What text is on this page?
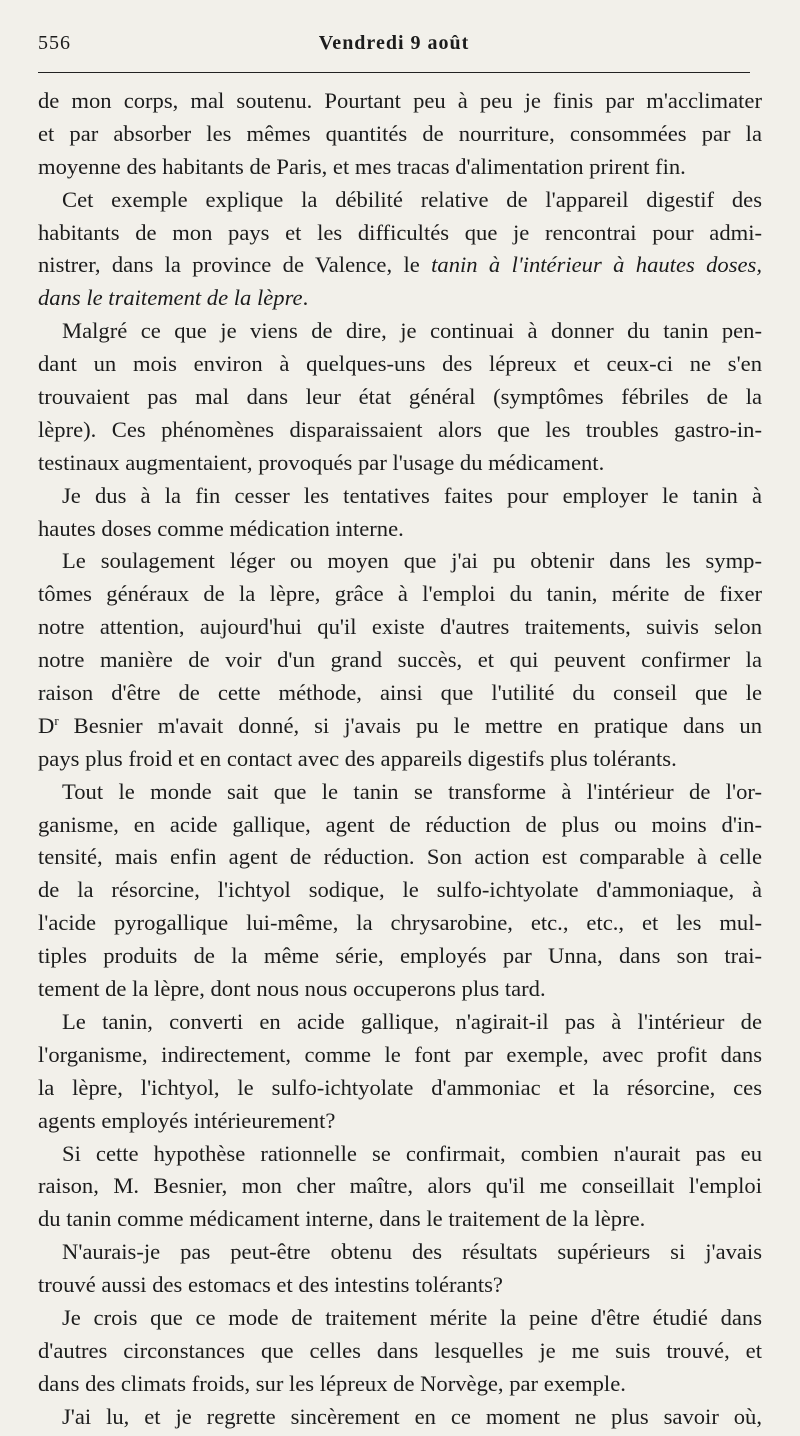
556	Vendredi 9 août
de mon corps, mal soutenu. Pourtant peu à peu je finis par m'acclimater
et par absorber les mêmes quantités de nourriture, consommées par la
moyenne des habitants de Paris, et mes tracas d'alimentation prirent fin.
Cet exemple explique la débilité relative de l'appareil digestif des
habitants de mon pays et les difficultés que je rencontrai pour admi-
nistrer, dans la province de Valence, le tanin à l'intérieur à hautes doses,
dans le traitement de la lèpre.
Malgré ce que je viens de dire, je continuai à donner du tanin pen-
dant un mois environ à quelques-uns des lépreux et ceux-ci ne s'en
trouvaient pas mal dans leur état général (symptômes fébriles de la
lèpre). Ces phénomènes disparaissaient alors que les troubles gastro-in-
testinaux augmentaient, provoqués par l'usage du médicament.
Je dus à la fin cesser les tentatives faites pour employer le tanin à
hautes doses comme médication interne.
Le soulagement léger ou moyen que j'ai pu obtenir dans les symp-
tômes généraux de la lèpre, grâce à l'emploi du tanin, mérite de fixer
notre attention, aujourd'hui qu'il existe d'autres traitements, suivis selon
notre manière de voir d'un grand succès, et qui peuvent confirmer la
raison d'être de cette méthode, ainsi que l'utilité du conseil que le
$D^r$ Besnier m'avait donné, si j'avais pu le mettre en pratique dans un
pays plus froid et en contact avec des appareils digestifs plus tolérants.
Tout le monde sait que le tanin se transforme à l'intérieur de l'or-
ganisme, en acide gallique, agent de réduction de plus ou moins d'in-
tensité, mais enfin agent de réduction. Son action est comparable à celle
de la résorcine, l'ichtyol sodique, le sulfo-ichtyolate d'ammoniaque, à
l'acide pyrogallique lui-même, la chrysarobine, etc., etc., et les mul-
tiples produits de la même série, employés par Unna, dans son trai-
tement de la lèpre, dont nous nous occuperons plus tard.
Le tanin, converti en acide gallique, n'agirait-il pas à l'intérieur de
l'organisme, indirectement, comme le font par exemple, avec profit dans
la lèpre, l'ichtyol, le sulfo-ichtyolate d'ammoniac et la résorcine, ces
agents employés intérieurement?
Si cette hypothèse rationnelle se confirmait, combien n'aurait pas eu
raison, M. Besnier, mon cher maître, alors qu'il me conseillait l'emploi
du tanin comme médicament interne, dans le traitement de la lèpre.
N'aurais-je pas peut-être obtenu des résultats supérieurs si j'avais
trouvé aussi des estomacs et des intestins tolérants?
Je crois que ce mode de traitement mérite la peine d'être étudié dans
d'autres circonstances que celles dans lesquelles je me suis trouvé, et
dans des climats froids, sur les lépreux de Norvège, par exemple.
J'ai lu, et je regrette sincèrement en ce moment ne plus savoir où,
